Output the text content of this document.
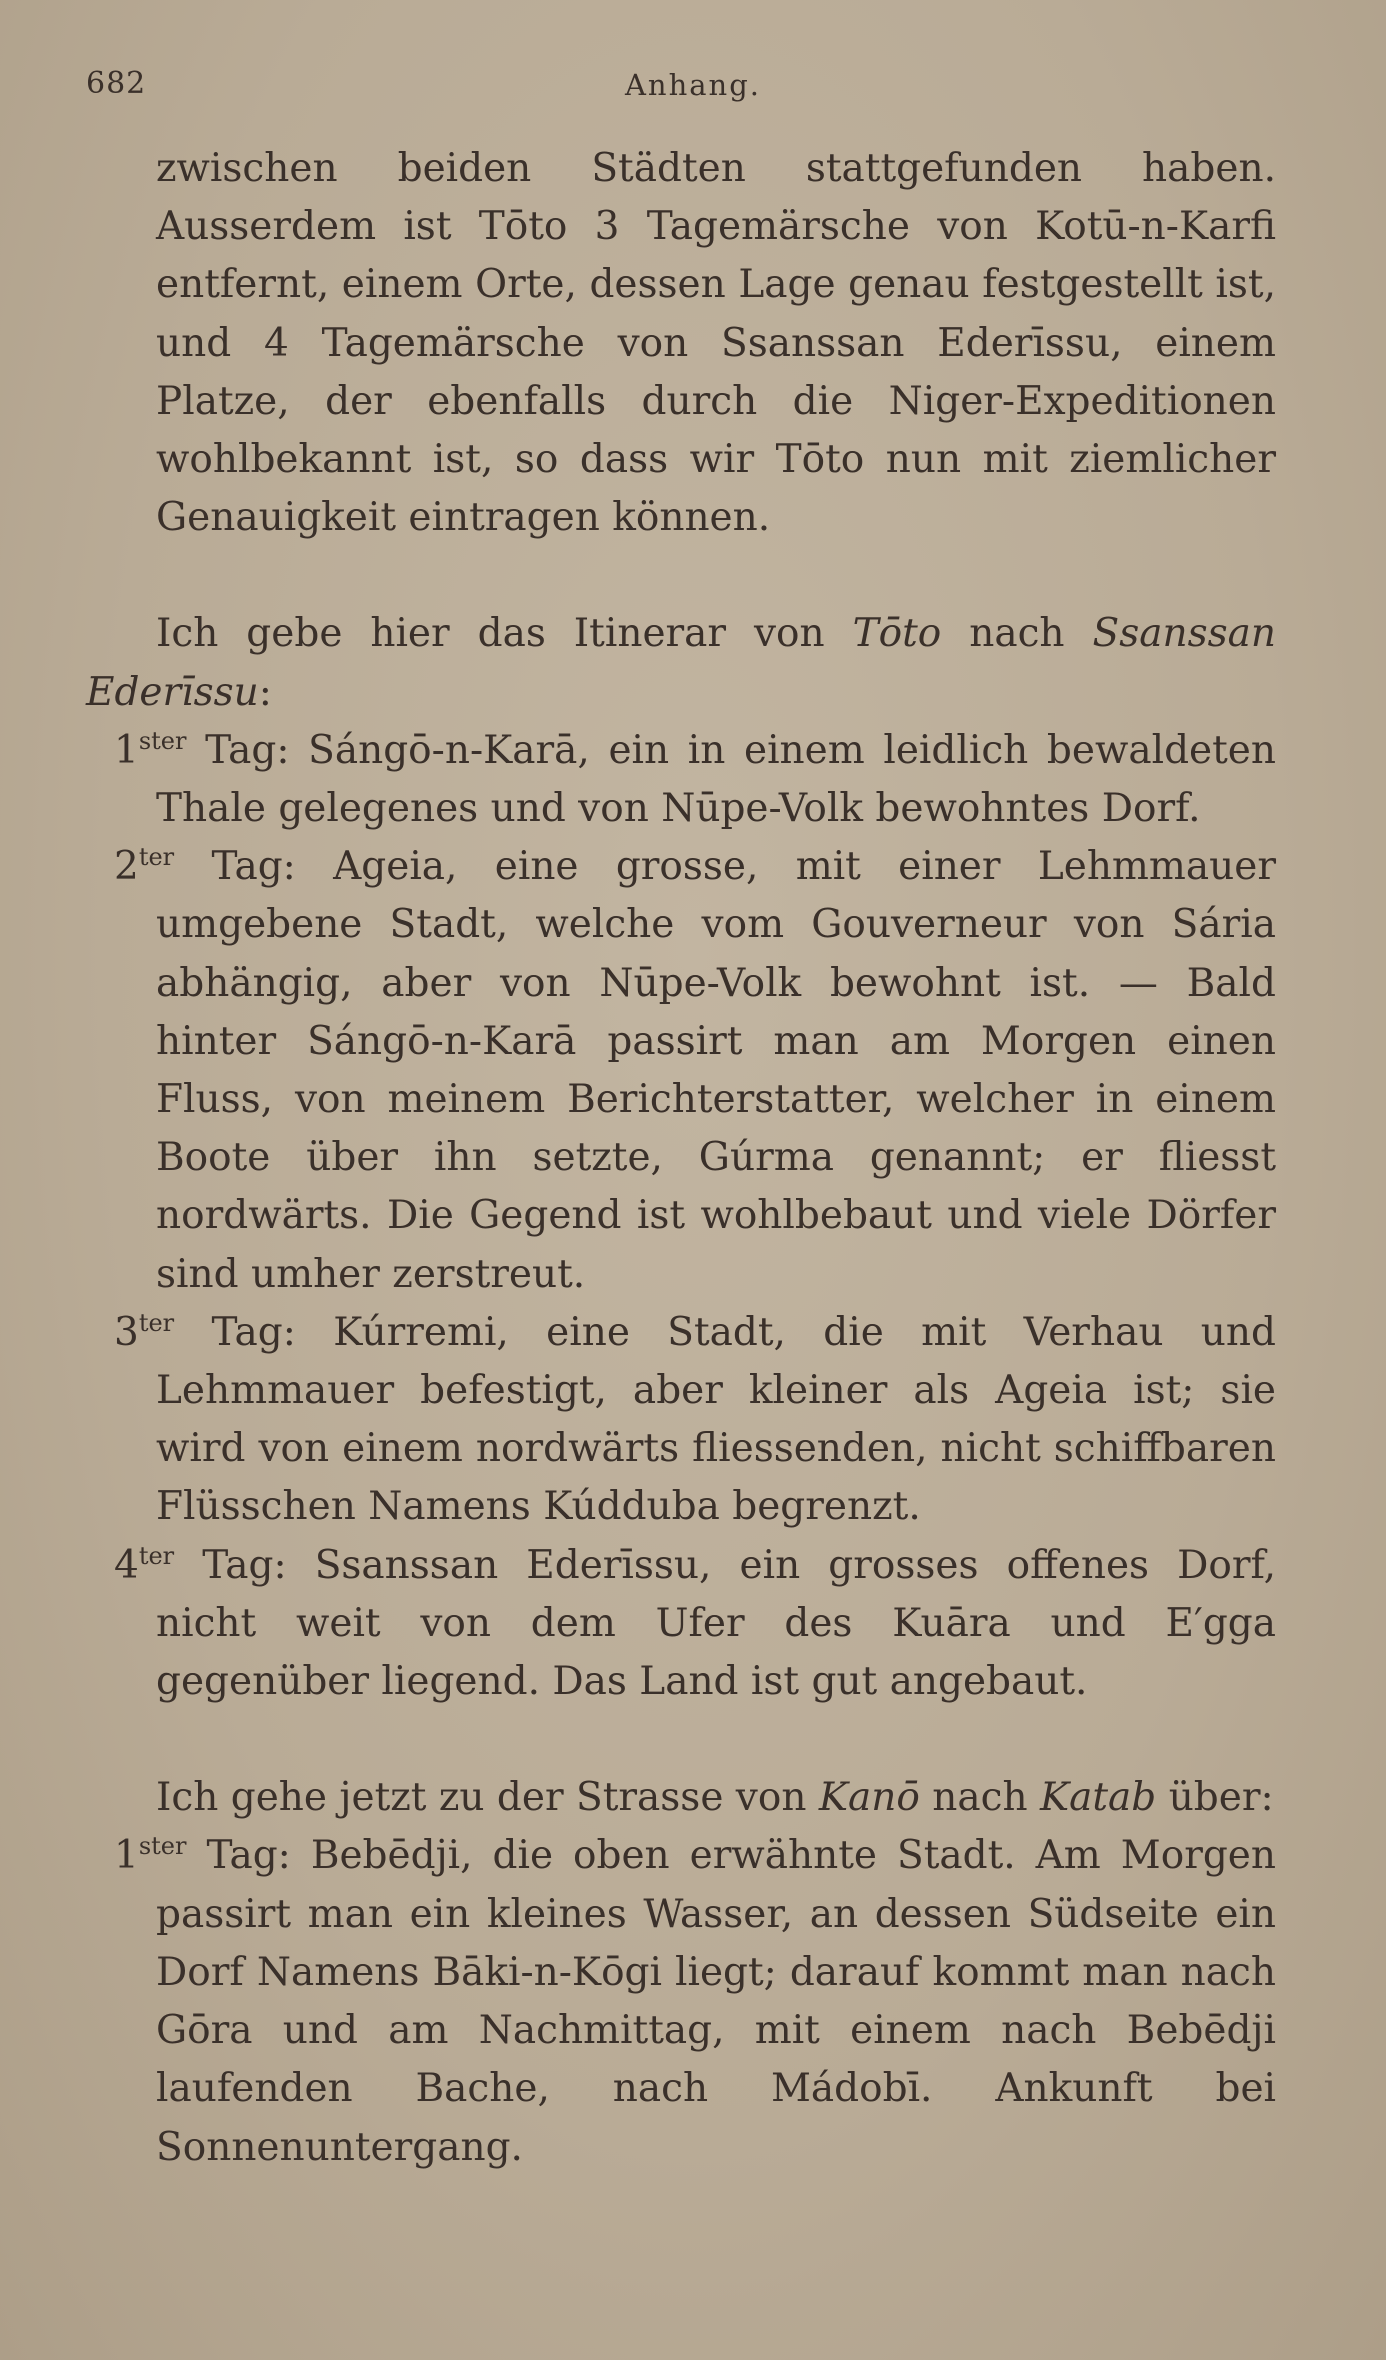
682	Anhang.

zwischen beiden Städten stattgefunden haben. Ausserdem ist Tōto 3 Tagemärsche von Kotū-n-Karfi entfernt, einem Orte, dessen Lage genau festgestellt ist, und 4 Tagemärsche von Ssanssan Ederīssu, einem Platze, der ebenfalls durch die Niger-Expeditionen wohlbekannt ist, so dass wir Tōto nun mit ziemlicher Genauigkeit eintragen können.

Ich gebe hier das Itinerar von Tōto nach Ssanssan Ederīssu:

$1^{ster}$ Tag: Sángō-n-Karā, ein in einem leidlich bewaldeten Thale gelegenes und von Nūpe-Volk bewohntes Dorf.

$2^{ter}$ Tag: Ageia, eine grosse, mit einer Lehmmauer umgebene Stadt, welche vom Gouverneur von Sária abhängig, aber von Nūpe-Volk bewohnt ist. — Bald hinter Sángō-n-Karā passirt man am Morgen einen Fluss, von meinem Berichterstatter, welcher in einem Boote über ihn setzte, Gúrma genannt; er fliesst nordwärts. Die Gegend ist wohlbebaut und viele Dörfer sind umher zerstreut.

$3^{ter}$ Tag: Kúrremi, eine Stadt, die mit Verhau und Lehmmauer befestigt, aber kleiner als Ageia ist; sie wird von einem nordwärts fliessenden, nicht schiffbaren Flüsschen Namens Kúdduba begrenzt.

$4^{ter}$ Tag: Ssanssan Ederīssu, ein grosses offenes Dorf, nicht weit von dem Ufer des Kuāra und E′gga gegenüber liegend. Das Land ist gut angebaut.

Ich gehe jetzt zu der Strasse von Kanō nach Katab über:

$1^{ster}$ Tag: Bebēdji, die oben erwähnte Stadt. Am Morgen passirt man ein kleines Wasser, an dessen Südseite ein Dorf Namens Bāki-n-Kōgi liegt; darauf kommt man nach Gōra und am Nachmittag, mit einem nach Bebēdji laufenden Bache, nach Mádobī. Ankunft bei Sonnenuntergang.
